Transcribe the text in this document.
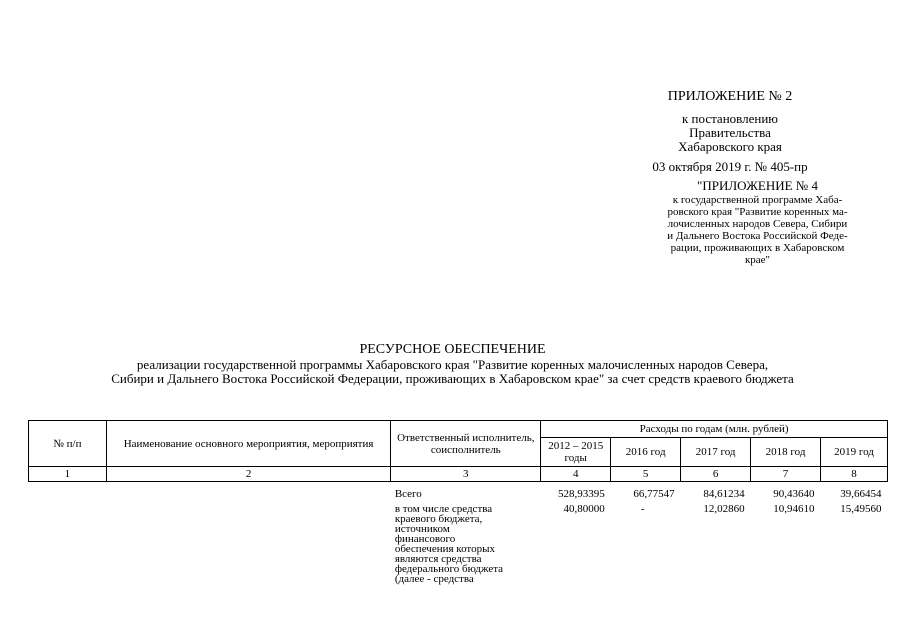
ПРИЛОЖЕНИЕ № 2
к постановлению
Правительства
Хабаровского края
03 октября 2019 г. № 405-пр
"ПРИЛОЖЕНИЕ № 4
к государственной программе Хаба-
ровского края "Развитие коренных ма-
лочисленных народов Севера, Сибири
и Дальнего Востока Российской Феде-
рации, проживающих в Хабаровском
крае"
РЕСУРСНОЕ ОБЕСПЕЧЕНИЕ
реализации государственной программы Хабаровского края "Развитие коренных малочисленных народов Севера,
Сибири и Дальнего Востока Российской Федерации, проживающих в Хабаровском крае" за счет средств краевого бюджета
№ п/п	Наименование основного мероприятия, мероприятия	Ответственный исполнитель, соисполнитель	Расходы по годам (млн. рублей)				
			2012 – 2015 годы	2016 год	2017 год	2018 год	2019 год
1	2	3	4	5	6	7	8
		Всего	528,93395	66,77547	84,61234	90,43640	39,66454

		в том числе средства краевого бюджета, источником финансового обеспечения которых являются средства федерального бюджета (далее - средства	40,80000	-	12,02860	10,94610	15,49560
